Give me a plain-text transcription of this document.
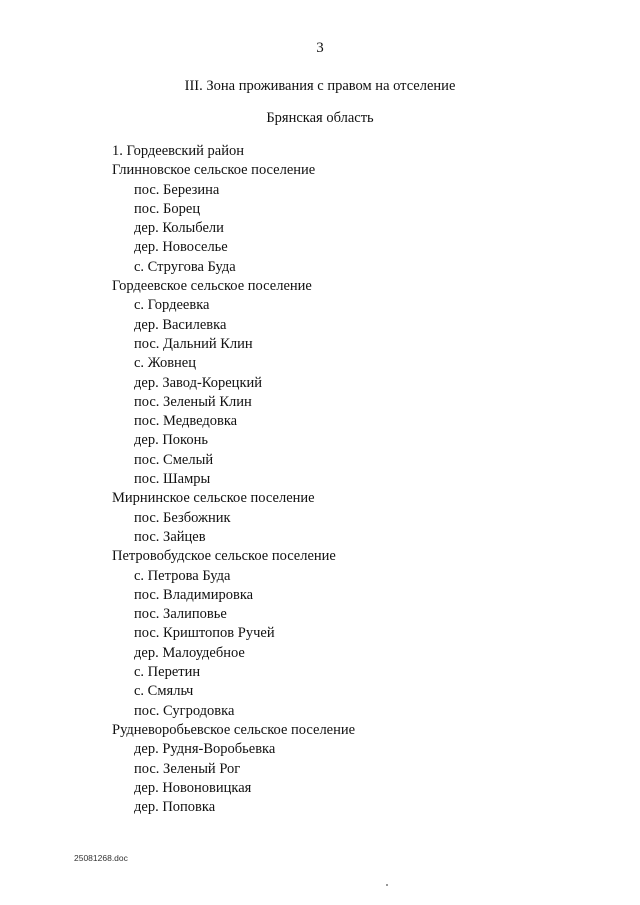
3
III. Зона проживания с правом на отселение
Брянская область
1. Гордеевский район
Глинновское сельское поселение
пос. Березина
пос. Борец
дер. Колыбели
дер. Новоселье
с. Стругова Буда
Гордеевское сельское поселение
с. Гордеевка
дер. Василевка
пос. Дальний Клин
с. Жовнец
дер. Завод-Корецкий
пос. Зеленый Клин
пос. Медведовка
дер. Поконь
пос. Смелый
пос. Шамры
Мирнинское сельское поселение
пос. Безбожник
пос. Зайцев
Петровобудское сельское поселение
с. Петрова Буда
пос. Владимировка
пос. Залиповье
пос. Криштопов Ручей
дер. Малоудебное
с. Перетин
с. Смяльч
пос. Сугродовка
Рудневоробьевское сельское поселение
дер. Рудня-Воробьевка
пос. Зеленый Рог
дер. Новоновицкая
дер. Поповка
25081268.doc
